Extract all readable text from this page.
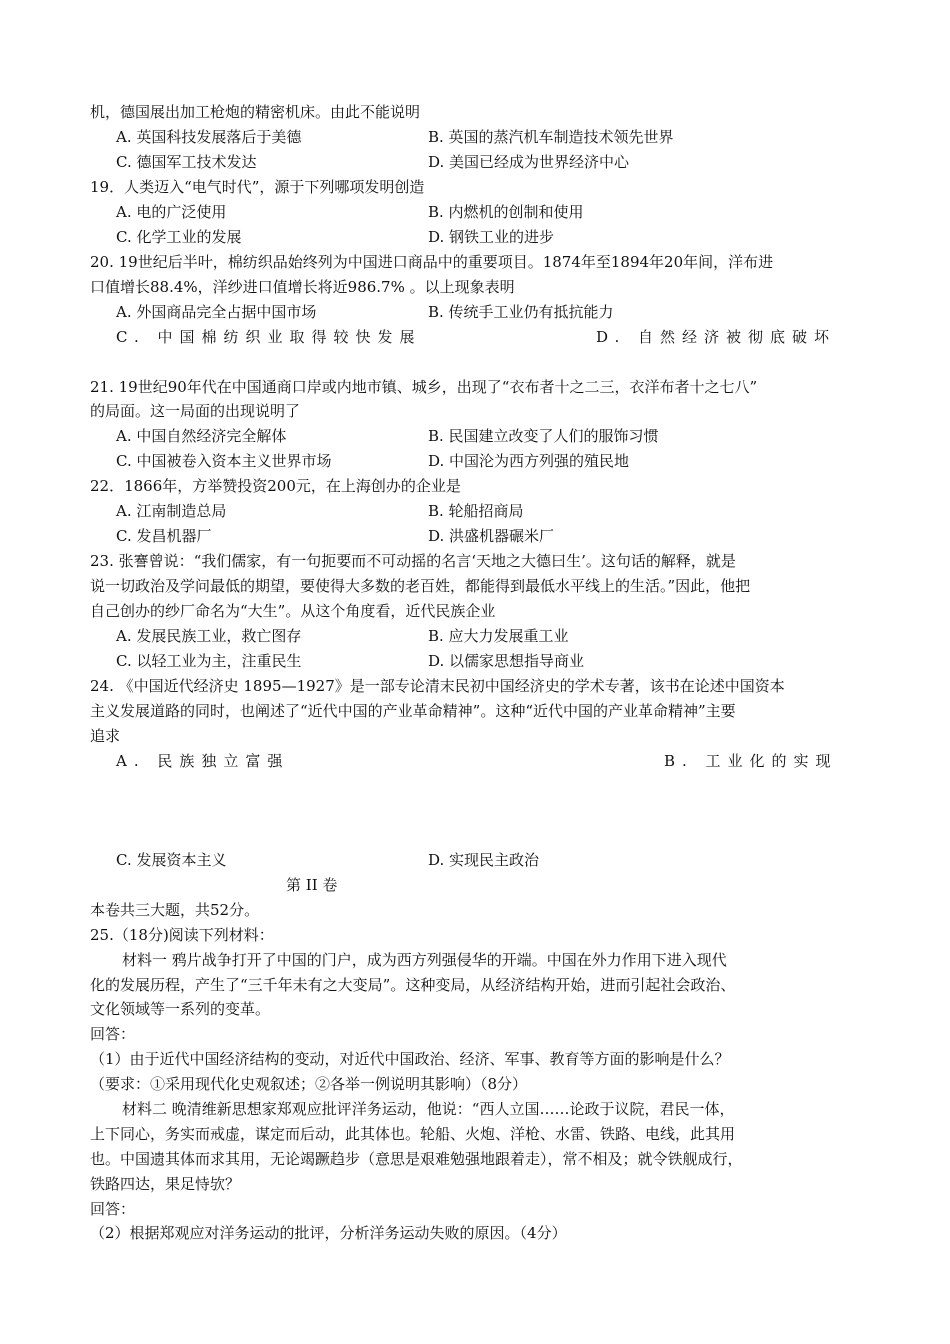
机，德国展出加工枪炮的精密机床。由此不能说明
A. 英国科技发展落后于美德	B. 英国的蒸汽机车制造技术领先世界
C. 德国军工技术发达	D. 美国已经成为世界经济中心
19．人类迈入“电气时代”，源于下列哪项发明创造
A. 电的广泛使用	B. 内燃机的创制和使用
C. 化学工业的发展	D. 钢铁工业的进步
20. 19世纪后半叶，棉纺织品始终列为中国进口商品中的重要项目。1874年至1894年20年间，洋布进
口值增长88.4%，洋纱进口值增长将近986.7% 。以上现象表明
A. 外国商品完全占据中国市场	B. 传统手工业仍有抵抗能力
C. 中国棉纺织业取得较快发展	D. 自然经济被彻底破坏
21. 19世纪90年代在中国通商口岸或内地市镇、城乡，出现了“衣布者十之二三，衣洋布者十之七八”
的局面。这一局面的出现说明了
A. 中国自然经济完全解体	B. 民国建立改变了人们的服饰习惯
C. 中国被卷入资本主义世界市场	D. 中国沦为西方列强的殖民地
22．1866年，方举赞投资200元，在上海创办的企业是
A. 江南制造总局	B. 轮船招商局
C. 发昌机器厂	D. 洪盛机器碾米厂
23. 张謇曾说：“我们儒家，有一句扼要而不可动摇的名言‘天地之大德曰生’。这句话的解释，就是
说一切政治及学问最低的期望，要使得大多数的老百姓，都能得到最低水平线上的生活。”因此，他把
自己创办的纱厂命名为“大生”。从这个角度看，近代民族企业
A. 发展民族工业，救亡图存	B. 应大力发展重工业
C. 以轻工业为主，注重民生	D. 以儒家思想指导商业
24. 《中国近代经济史 1895—1927》是一部专论清末民初中国经济史的学术专著，该书在论述中国资本
主义发展道路的同时，也阐述了“近代中国的产业革命精神”。这种“近代中国的产业革命精神”主要
追求
A. 民族独立富强	B. 工业化的实现
C. 发展资本主义	D. 实现民主政治
第 II 卷
本卷共三大题，共52分。
25.（18分)阅读下列材料：
材料一 鸦片战争打开了中国的门户，成为西方列强侵华的开端。中国在外力作用下进入现代
化的发展历程，产生了“三千年未有之大变局”。这种变局，从经济结构开始，进而引起社会政治、
文化领域等一系列的变革。
回答：
（1）由于近代中国经济结构的变动，对近代中国政治、经济、军事、教育等方面的影响是什么？
（要求：①采用现代化史观叙述；②各举一例说明其影响）（8分）
材料二 晚清维新思想家郑观应批评洋务运动，他说：“西人立国……论政于议院，君民一体，
上下同心，务实而戒虚，谋定而后动，此其体也。轮船、火炮、洋枪、水雷、铁路、电线，此其用
也。中国遗其体而求其用，无论竭蹶趋步（意思是艰难勉强地跟着走），常不相及；就令铁舰成行，
铁路四达，果足恃欤？
回答：
（2）根据郑观应对洋务运动的批评，分析洋务运动失败的原因。（4分）
